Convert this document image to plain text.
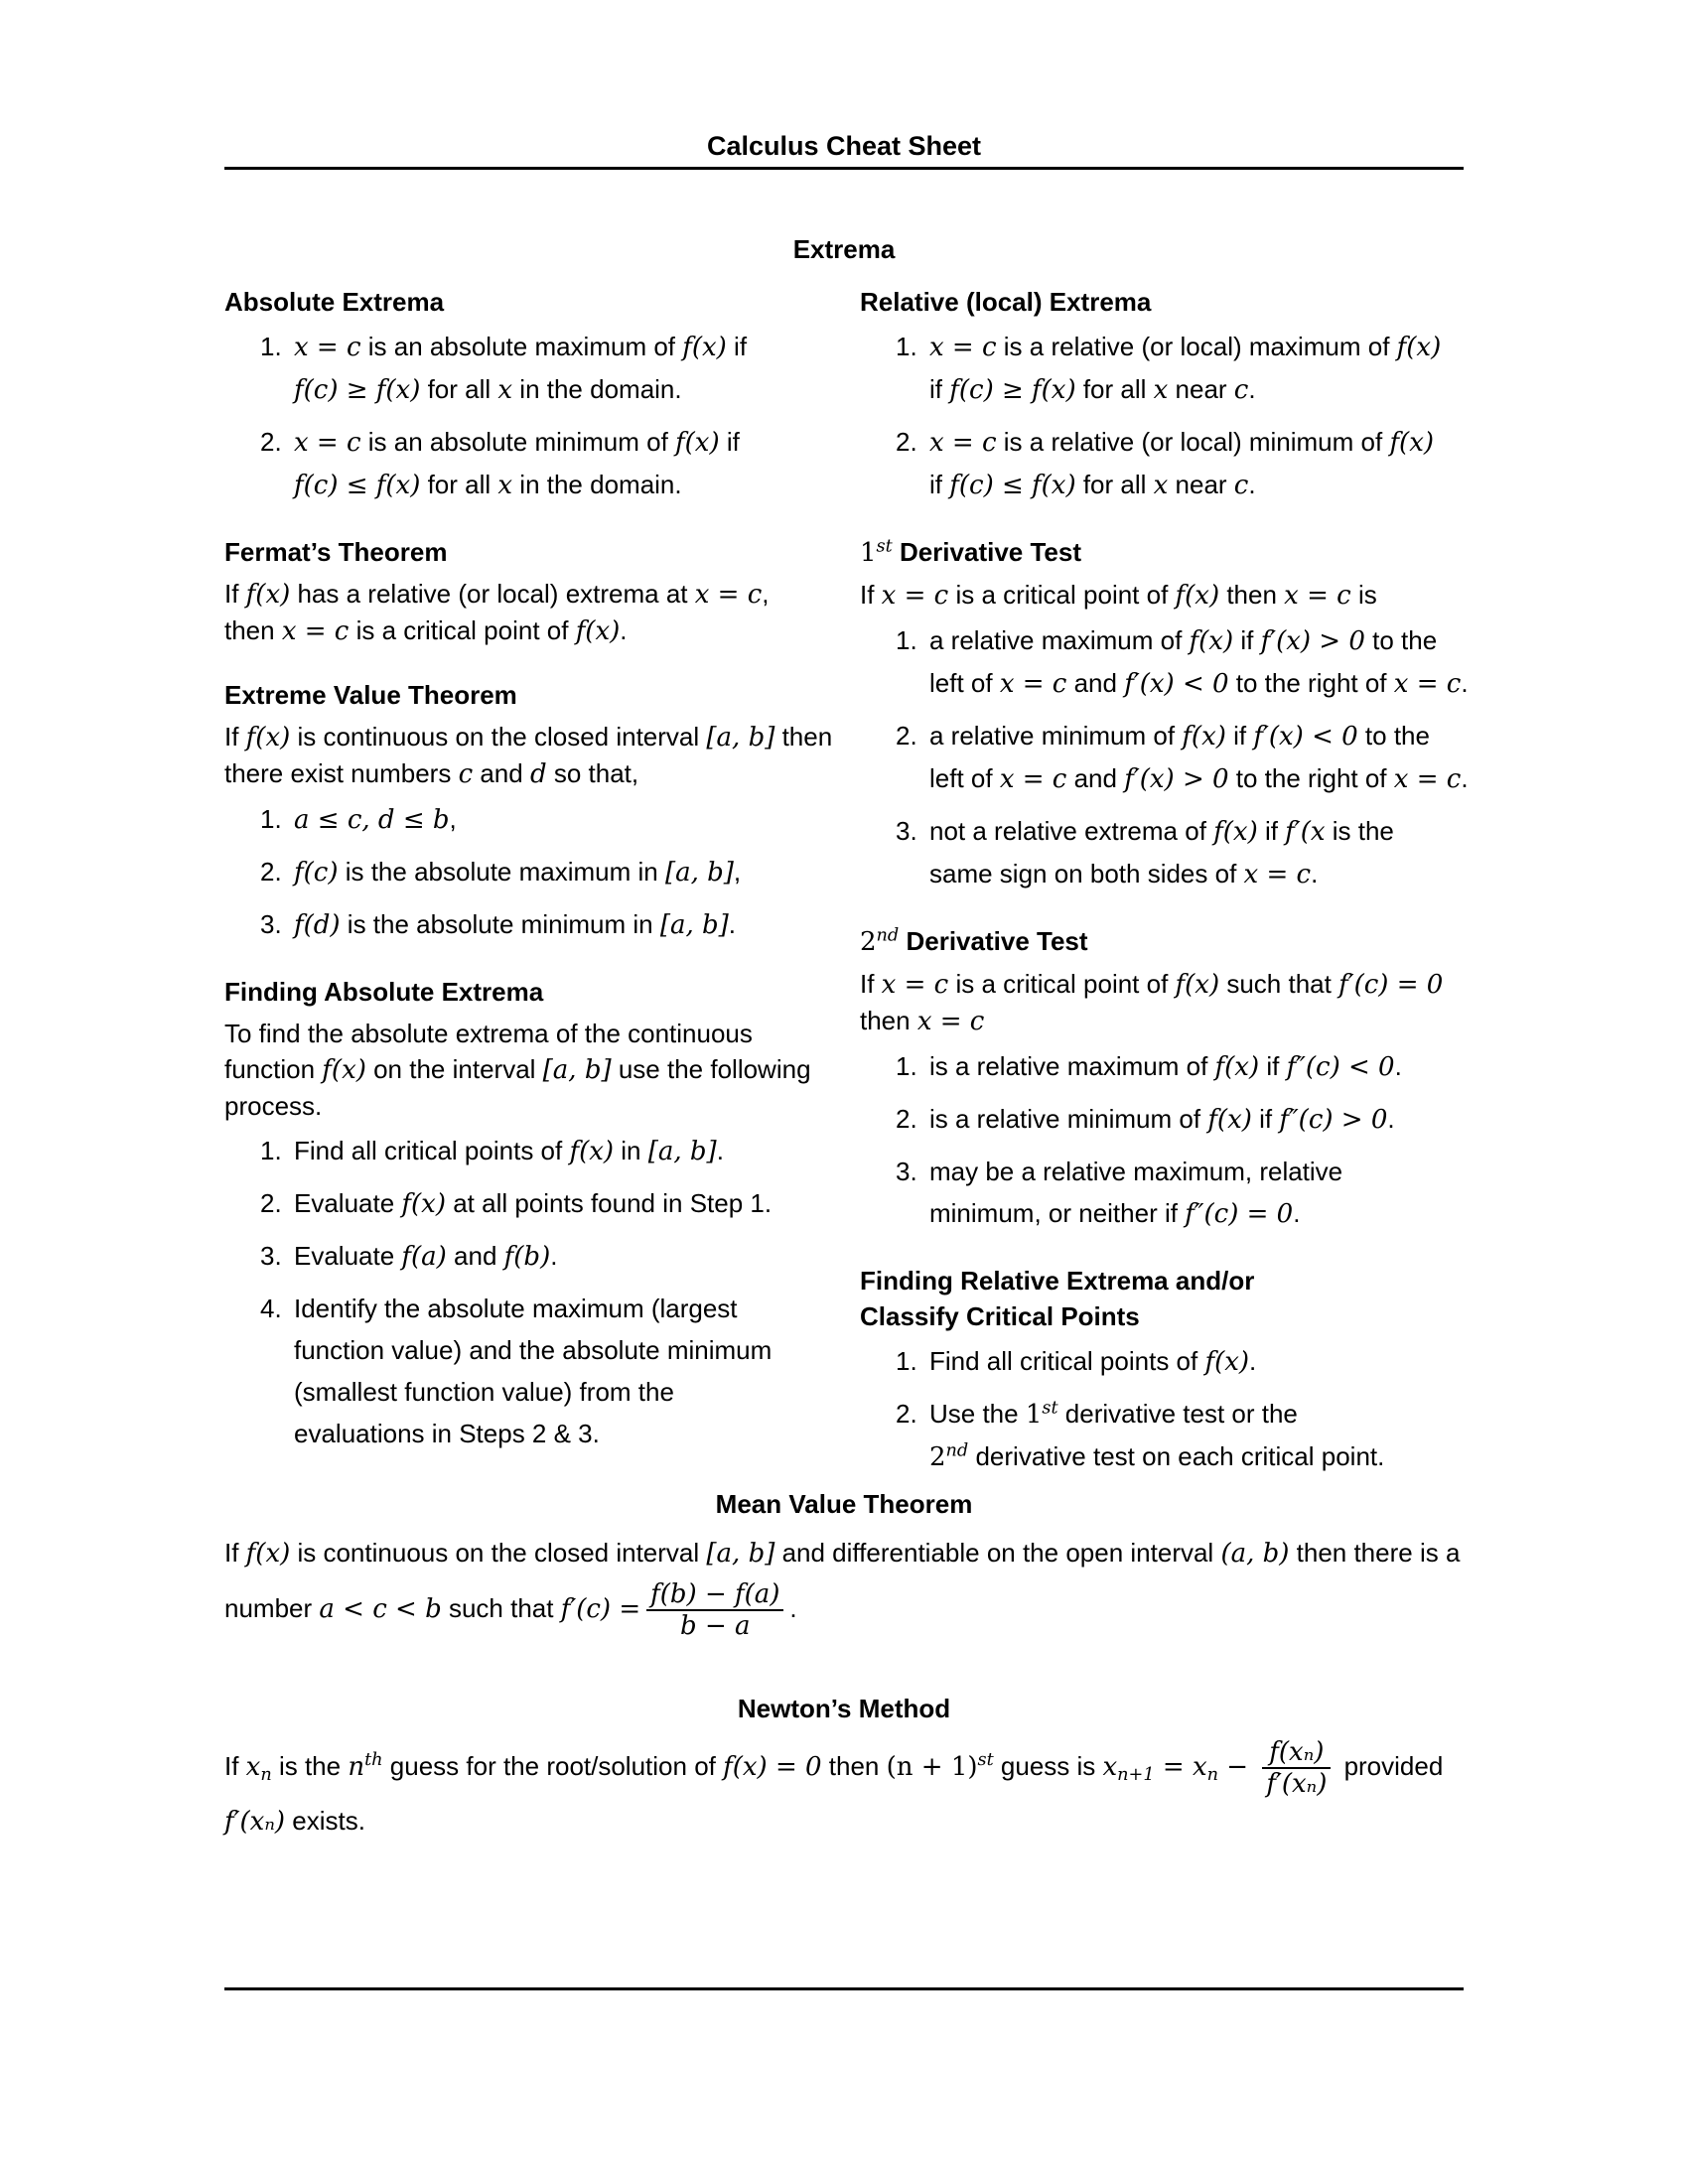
Calculus Cheat Sheet
Extrema
Absolute Extrema
1. x = c is an absolute maximum of f(x) if
f(c) ≥ f(x) for all x in the domain.
2. x = c is an absolute minimum of f(x) if
f(c) ≤ f(x) for all x in the domain.
Fermat’s Theorem
If f(x) has a relative (or local) extrema at x = c,
then x = c is a critical point of f(x).
Extreme Value Theorem
If f(x) is continuous on the closed interval [a, b] then
there exist numbers c and d so that,
1. a ≤ c, d ≤ b,
2. f(c) is the absolute maximum in [a, b],
3. f(d) is the absolute minimum in [a, b].
Finding Absolute Extrema
To find the absolute extrema of the continuous
function f(x) on the interval [a, b] use the following
process.
1. Find all critical points of f(x) in [a, b].
2. Evaluate f(x) at all points found in Step 1.
3. Evaluate f(a) and f(b).
4. Identify the absolute maximum (largest
function value) and the absolute minimum
(smallest function value) from the
evaluations in Steps 2 & 3.
Relative (local) Extrema
1. x = c is a relative (or local) maximum of f(x)
if f(c) ≥ f(x) for all x near c.
2. x = c is a relative (or local) minimum of f(x)
if f(c) ≤ f(x) for all x near c.
1st Derivative Test
If x = c is a critical point of f(x) then x = c is
1. a relative maximum of f(x) if f′(x) > 0 to the
left of x = c and f′(x) < 0 to the right of x = c.
2. a relative minimum of f(x) if f′(x) < 0 to the
left of x = c and f′(x) > 0 to the right of x = c.
3. not a relative extrema of f(x) if f′(x is the
same sign on both sides of x = c.
2nd Derivative Test
If x = c is a critical point of f(x) such that f′(c) = 0
then x = c
1. is a relative maximum of f(x) if f″(c) < 0.
2. is a relative minimum of f(x) if f″(c) > 0.
3. may be a relative maximum, relative
minimum, or neither if f″(c) = 0.
Finding Relative Extrema and/or
Classify Critical Points
1. Find all critical points of f(x).
2. Use the 1st derivative test or the
2nd derivative test on each critical point.
Mean Value Theorem
If f(x) is continuous on the closed interval [a, b] and differentiable on the open interval (a, b) then there is a
number a < c < b such that $f'(c) = \frac{f(b) - f(a)}{b - a}$ .
Newton’s Method
If $x_n$ is the $n^{th}$ guess for the root/solution of f(x) = 0 then $(n + 1)^{st}$ guess is $x_{n+1} = x_n - \frac{\text{f(xₙ)}}{\text{f′(xₙ)}}$ provided
f′(xₙ) exists.
